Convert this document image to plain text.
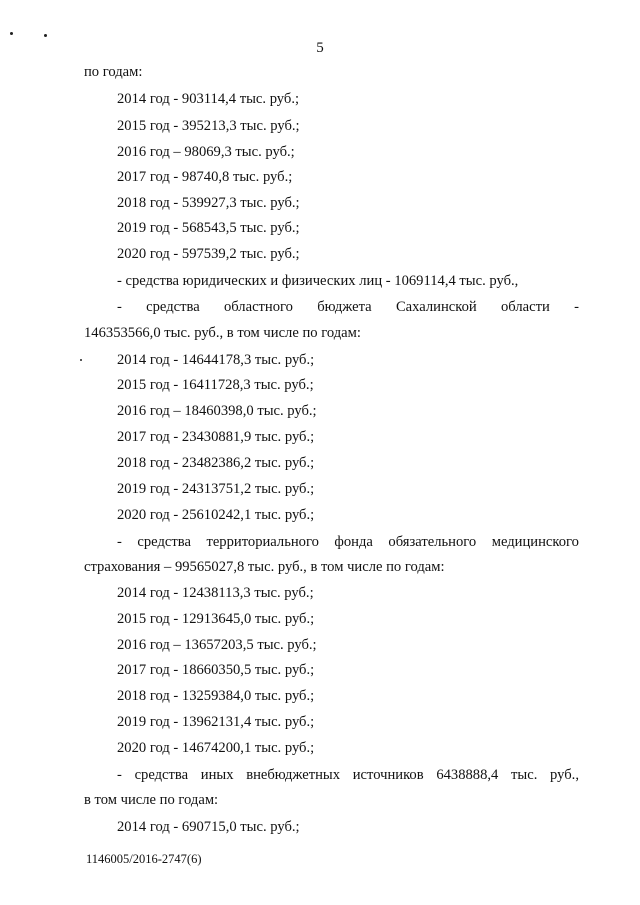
5
по годам:
2014 год - 903114,4 тыс. руб.;
2015 год - 395213,3 тыс. руб.;
2016 год – 98069,3 тыс. руб.;
2017 год - 98740,8 тыс. руб.;
2018 год - 539927,3 тыс. руб.;
2019 год - 568543,5 тыс. руб.;
2020 год - 597539,2 тыс. руб.;
- средства юридических и физических лиц - 1069114,4 тыс. руб.,
- средства областного бюджета Сахалинской области -
146353566,0 тыс. руб., в том числе по годам:
2014 год - 14644178,3 тыс. руб.;
2015 год - 16411728,3 тыс. руб.;
2016 год – 18460398,0 тыс. руб.;
2017 год - 23430881,9 тыс. руб.;
2018 год - 23482386,2 тыс. руб.;
2019 год - 24313751,2 тыс. руб.;
2020 год - 25610242,1 тыс. руб.;
- средства территориального фонда обязательного медицинского
страхования – 99565027,8 тыс. руб., в том числе по годам:
2014 год - 12438113,3 тыс. руб.;
2015 год - 12913645,0 тыс. руб.;
2016 год – 13657203,5 тыс. руб.;
2017 год - 18660350,5 тыс. руб.;
2018 год - 13259384,0 тыс. руб.;
2019 год - 13962131,4 тыс. руб.;
2020 год - 14674200,1 тыс. руб.;
- средства иных внебюджетных источников 6438888,4 тыс. руб.,
в том числе по годам:
2014 год - 690715,0 тыс. руб.;
1146005/2016-2747(6)
